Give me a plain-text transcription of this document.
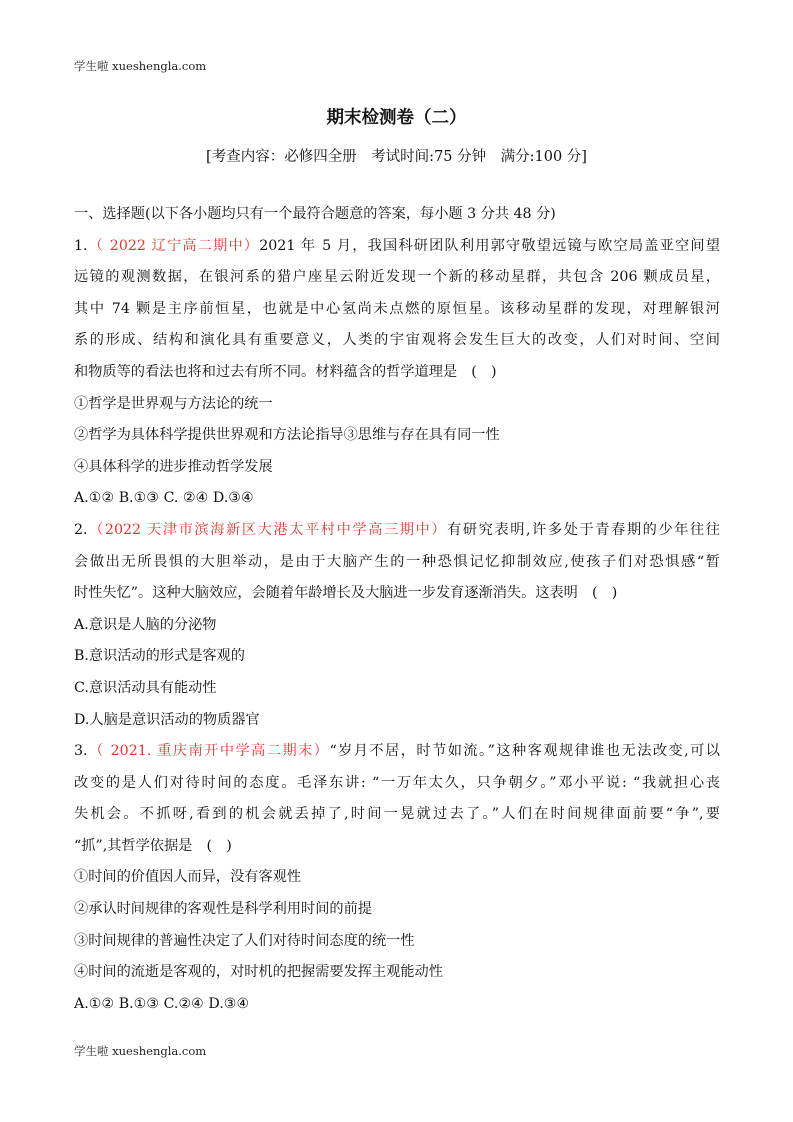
学生啦 xueshengla.com
期末检测卷（二）
[考查内容：必修四全册　考试时间:75 分钟　满分:100 分]
一、选择题(以下各小题均只有一个最符合题意的答案，每小题 3 分共 48 分)
1.（ 2022 辽宁高二期中）2021 年 5 月，我国科研团队利用郭守敬望远镜与欧空局盖亚空间望
远镜的观测数据，在银河系的猎户座星云附近发现一个新的移动星群，共包含 206 颗成员星，
其中 74 颗是主序前恒星，也就是中心氢尚未点燃的原恒星。该移动星群的发现，对理解银河
系的形成、结构和演化具有重要意义，人类的宇宙观将会发生巨大的改变，人们对时间、空间
和物质等的看法也将和过去有所不同。材料蕴含的哲学道理是　(　)
①哲学是世界观与方法论的统一
②哲学为具体科学提供世界观和方法论指导③思维与存在具有同一性
④具体科学的进步推动哲学发展
A.①② B.①③ C. ②④ D.③④
2.（2022 天津市滨海新区大港太平村中学高三期中）有研究表明,许多处于青春期的少年往往
会做出无所畏惧的大胆举动，是由于大脑产生的一种恐惧记忆抑制效应,使孩子们对恐惧感“暂
时性失忆”。这种大脑效应，会随着年龄增长及大脑进一步发育逐渐消失。这表明　(　)
A.意识是人脑的分泌物
B.意识活动的形式是客观的
C.意识活动具有能动性
D.人脑是意识活动的物质器官
3.（ 2021. 重庆南开中学高二期末）“岁月不居，时节如流。”这种客观规律谁也无法改变,可以
改变的是人们对待时间的态度。毛泽东讲: “一万年太久，只争朝夕。”邓小平说: “我就担心丧
失机会。不抓呀,看到的机会就丢掉了,时间一晃就过去了。”人们在时间规律面前要“争”,要
“抓”,其哲学依据是　(　)
①时间的价值因人而异，没有客观性
②承认时间规律的客观性是科学利用时间的前提
③时间规律的普遍性决定了人们对待时间态度的统一性
④时间的流逝是客观的，对时机的把握需要发挥主观能动性
A.①② B.①③ C.②④ D.③④
学生啦 xueshengla.com
